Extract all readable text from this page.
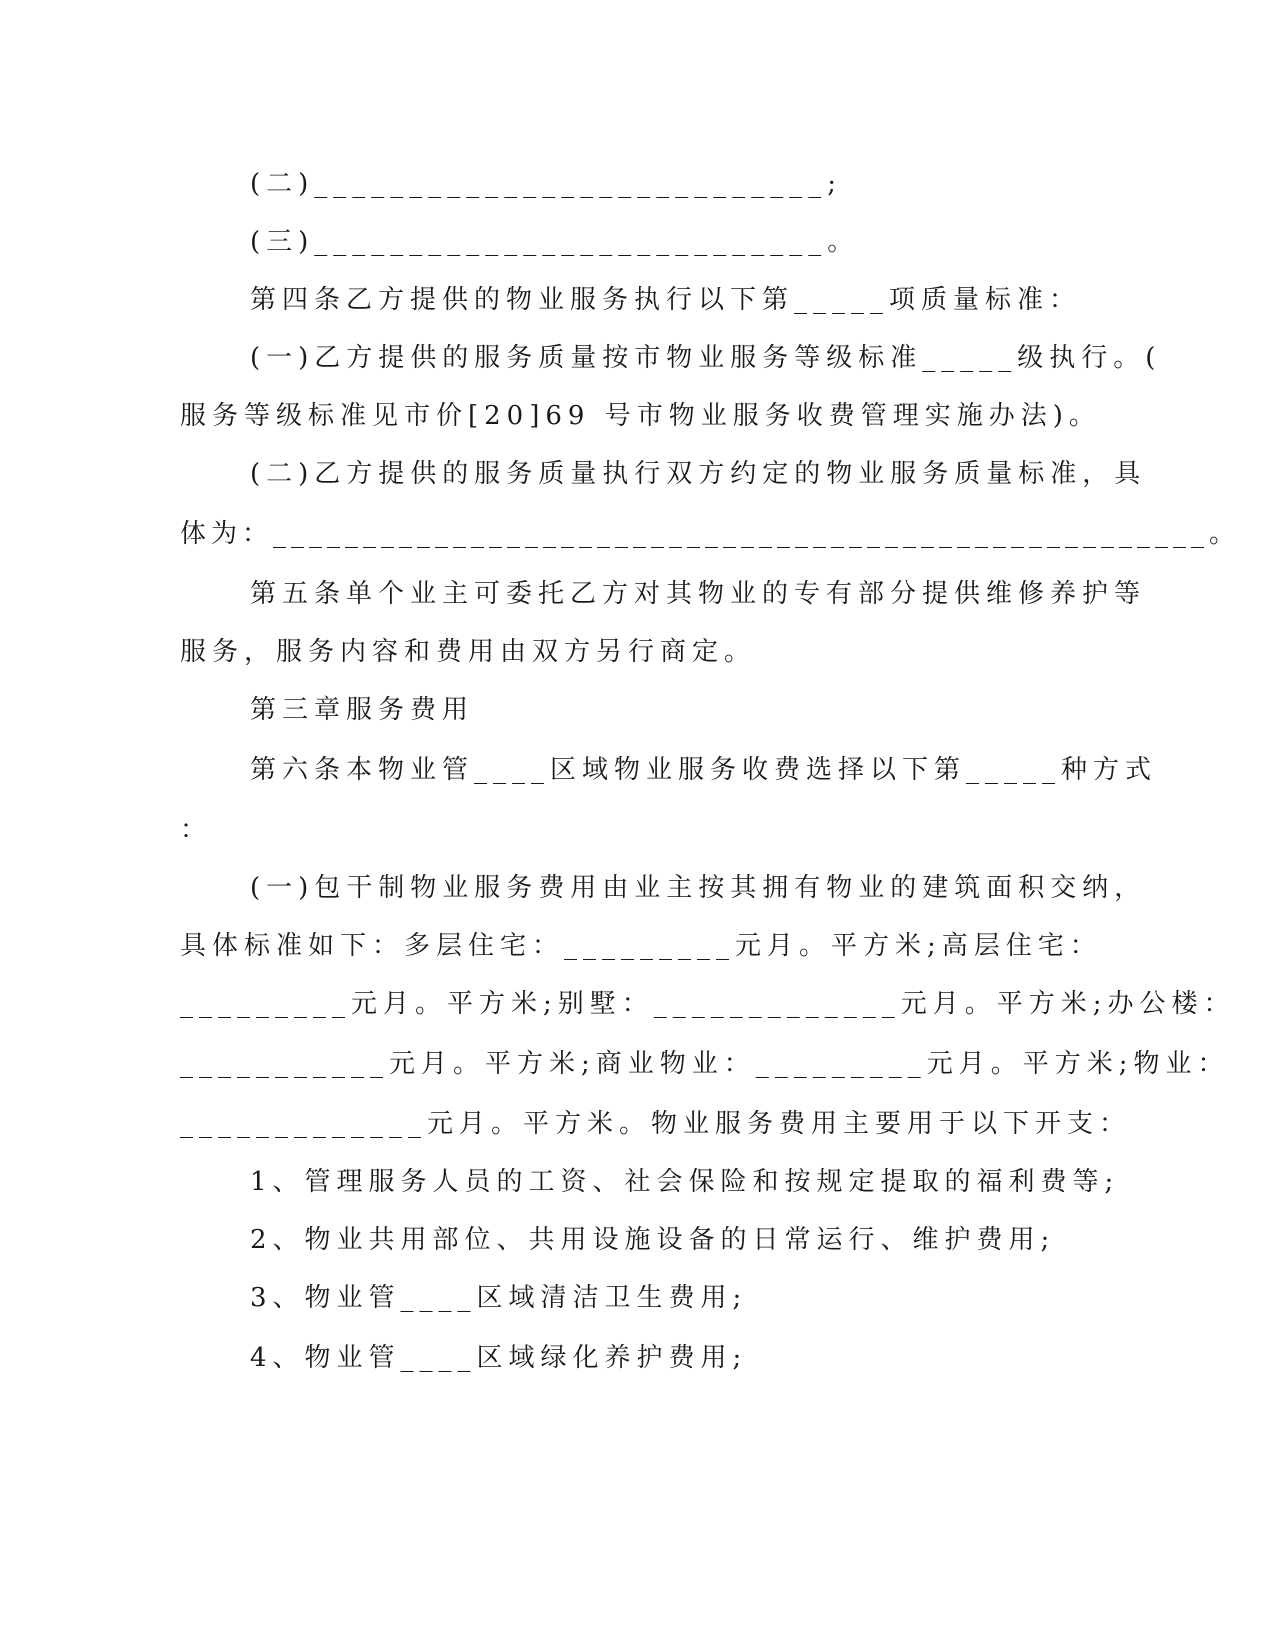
(二)___________________________;
(三)___________________________。
第四条乙方提供的物业服务执行以下第_____项质量标准：
(一)乙方提供的服务质量按市物业服务等级标准_____级执行。(
服务等级标准见市价[20]69 号市物业服务收费管理实施办法)。
(二)乙方提供的服务质量执行双方约定的物业服务质量标准，具
体为：____________________________________________________。
第五条单个业主可委托乙方对其物业的专有部分提供维修养护等
服务，服务内容和费用由双方另行商定。
第三章服务费用
第六条本物业管____区域物业服务收费选择以下第_____种方式
：
(一)包干制物业服务费用由业主按其拥有物业的建筑面积交纳，
具体标准如下：多层住宅：_________元月。平方米;高层住宅：
_________元月。平方米;别墅：_____________元月。平方米;办公楼：
___________元月。平方米;商业物业：_________元月。平方米;物业：
_____________元月。平方米。物业服务费用主要用于以下开支：
1、管理服务人员的工资、社会保险和按规定提取的福利费等;
2、物业共用部位、共用设施设备的日常运行、维护费用;
3、物业管____区域清洁卫生费用;
4、物业管____区域绿化养护费用;
